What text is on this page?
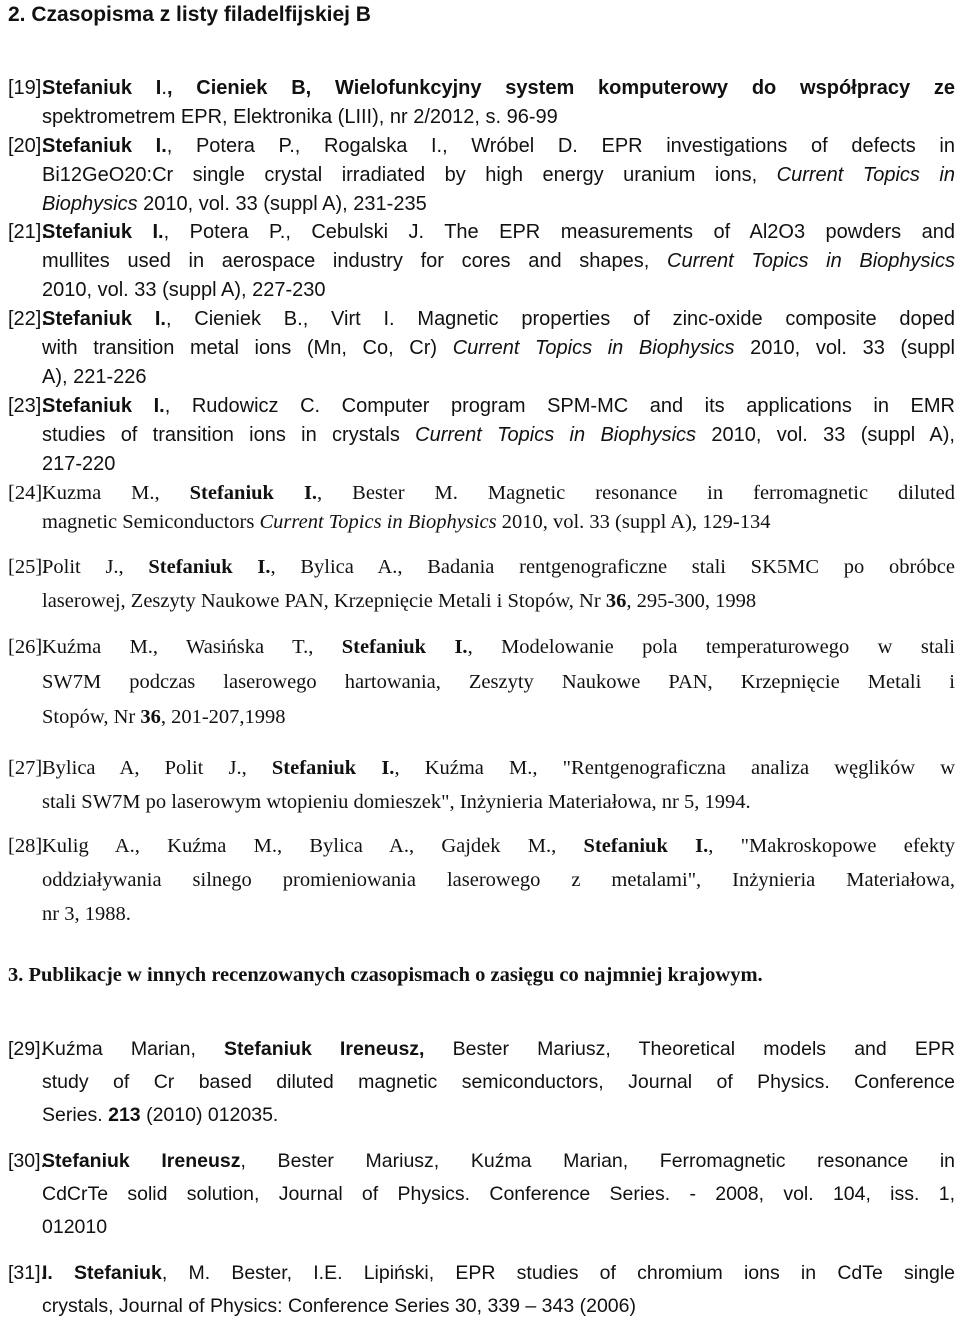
2. Czasopisma z listy filadelfijskiej B
[19].
Stefaniuk I., Cieniek B, Wielofunkcyjny system komputerowy do współpracy ze
spektrometrem EPR, Elektronika (LIII), nr 2/2012, s. 96-99
[20].
Stefaniuk I., Potera P., Rogalska I., Wróbel D. EPR investigations of defects in
Bi12GeO20:Cr single crystal irradiated by high energy uranium ions, Current Topics in
Biophysics 2010, vol. 33 (suppl A), 231-235
[21].
Stefaniuk I., Potera P., Cebulski J. The EPR measurements of Al2O3 powders and
mullites used in aerospace industry for cores and shapes, Current Topics in Biophysics
2010, vol. 33 (suppl A), 227-230
[22].
Stefaniuk I., Cieniek B., Virt I. Magnetic properties of zinc-oxide composite doped
with transition metal ions (Mn, Co, Cr) Current Topics in Biophysics 2010, vol. 33 (suppl
A), 221-226
[23].
Stefaniuk I., Rudowicz C. Computer program SPM-MC and its applications in EMR
studies of transition ions in crystals Current Topics in Biophysics 2010, vol. 33 (suppl A),
217-220
[24].
Kuzma M., Stefaniuk I., Bester M. Magnetic resonance in ferromagnetic diluted
magnetic Semiconductors Current Topics in Biophysics 2010, vol. 33 (suppl A), 129-134
[25].
Polit J., Stefaniuk I., Bylica A., Badania rentgenograficzne stali SK5MC po obróbce
laserowej, Zeszyty Naukowe PAN, Krzepnięcie Metali i Stopów, Nr 36, 295-300, 1998
[26].
Kuźma M., Wasińska T., Stefaniuk I., Modelowanie pola temperaturowego w stali
SW7M podczas laserowego hartowania, Zeszyty Naukowe PAN, Krzepnięcie Metali i
Stopów, Nr 36, 201-207,1998
[27].
Bylica A, Polit J., Stefaniuk I., Kuźma M., "Rentgenograficzna analiza węglików w
stali SW7M po laserowym wtopieniu domieszek", Inżynieria Materiałowa, nr 5, 1994.
[28].
Kulig A., Kuźma M., Bylica A., Gajdek M., Stefaniuk I., "Makroskopowe efekty
oddziaływania silnego promieniowania laserowego z metalami", Inżynieria Materiałowa,
nr 3, 1988.
3. Publikacje w innych recenzowanych czasopismach o zasięgu co najmniej krajowym.
[29].
Kuźma Marian, Stefaniuk Ireneusz, Bester Mariusz, Theoretical models and EPR
study of Cr based diluted magnetic semiconductors, Journal of Physics. Conference
Series. 213 (2010) 012035.
[30].
Stefaniuk Ireneusz, Bester Mariusz, Kuźma Marian, Ferromagnetic resonance in
CdCrTe solid solution, Journal of Physics. Conference Series. - 2008, vol. 104, iss. 1,
012010
[31].
I. Stefaniuk, M. Bester, I.E. Lipiński, EPR studies of chromium ions in CdTe single
crystals, Journal of Physics: Conference Series 30, 339 – 343 (2006)
